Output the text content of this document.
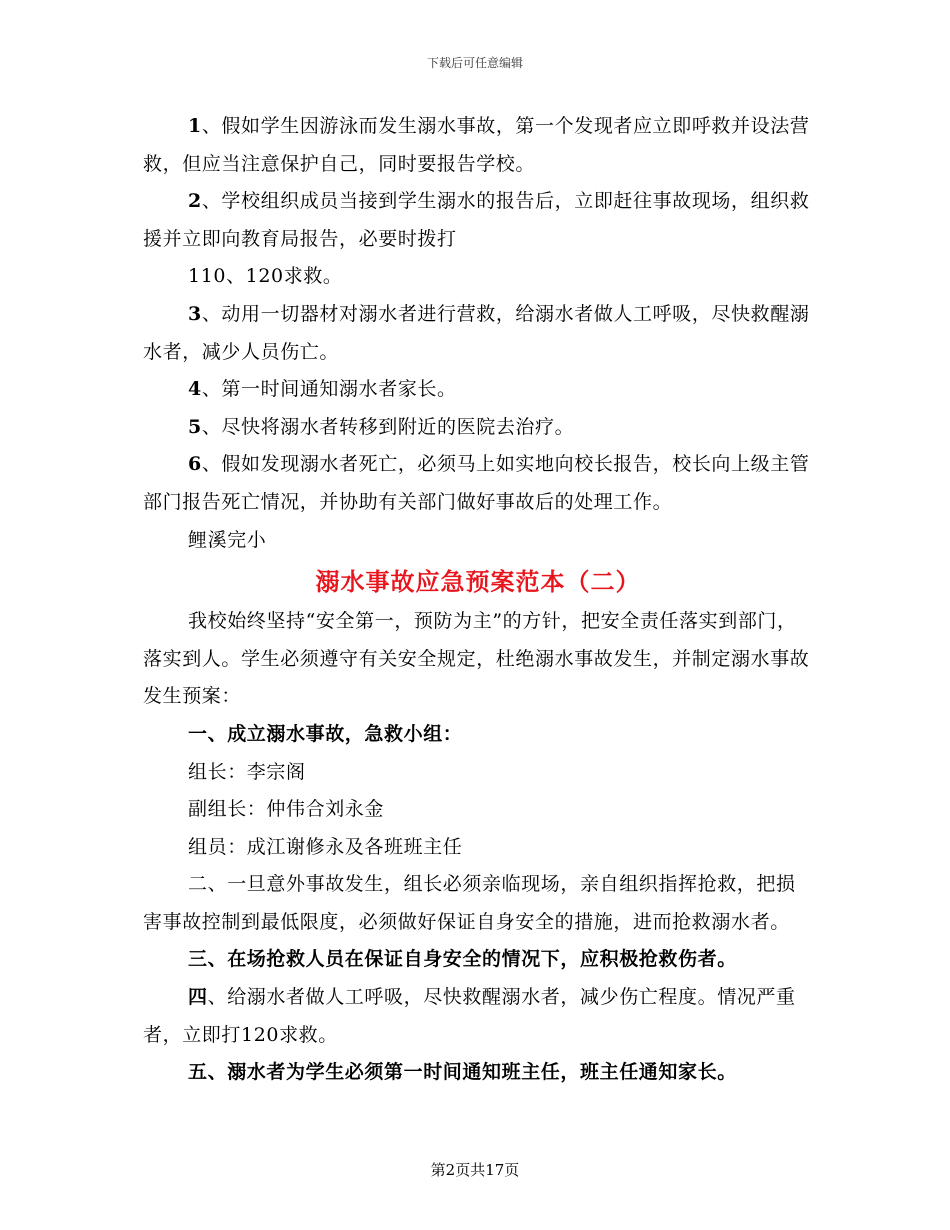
下载后可任意编辑

1、假如学生因游泳而发生溺水事故，第一个发现者应立即呼救并设法营救，但应当注意保护自己，同时要报告学校。

2、学校组织成员当接到学生溺水的报告后，立即赶往事故现场，组织救援并立即向教育局报告，必要时拨打

110、120求救。

3、动用一切器材对溺水者进行营救，给溺水者做人工呼吸，尽快救醒溺水者，减少人员伤亡。

4、第一时间通知溺水者家长。

5、尽快将溺水者转移到附近的医院去治疗。

6、假如发现溺水者死亡，必须马上如实地向校长报告，校长向上级主管部门报告死亡情况，并协助有关部门做好事故后的处理工作。

鲤溪完小

溺水事故应急预案范本（二）

我校始终坚持“安全第一，预防为主”的方针，把安全责任落实到部门，落实到人。学生必须遵守有关安全规定，杜绝溺水事故发生，并制定溺水事故发生预案：

一、成立溺水事故，急救小组：

组长：李宗阁

副组长：仲伟合刘永金

组员：成江谢修永及各班班主任

二、一旦意外事故发生，组长必须亲临现场，亲自组织指挥抢救，把损害事故控制到最低限度，必须做好保证自身安全的措施，进而抢救溺水者。

三、在场抢救人员在保证自身安全的情况下，应积极抢救伤者。

四、给溺水者做人工呼吸，尽快救醒溺水者，减少伤亡程度。情况严重者，立即打120求救。

五、溺水者为学生必须第一时间通知班主任，班主任通知家长。

第2页共17页
